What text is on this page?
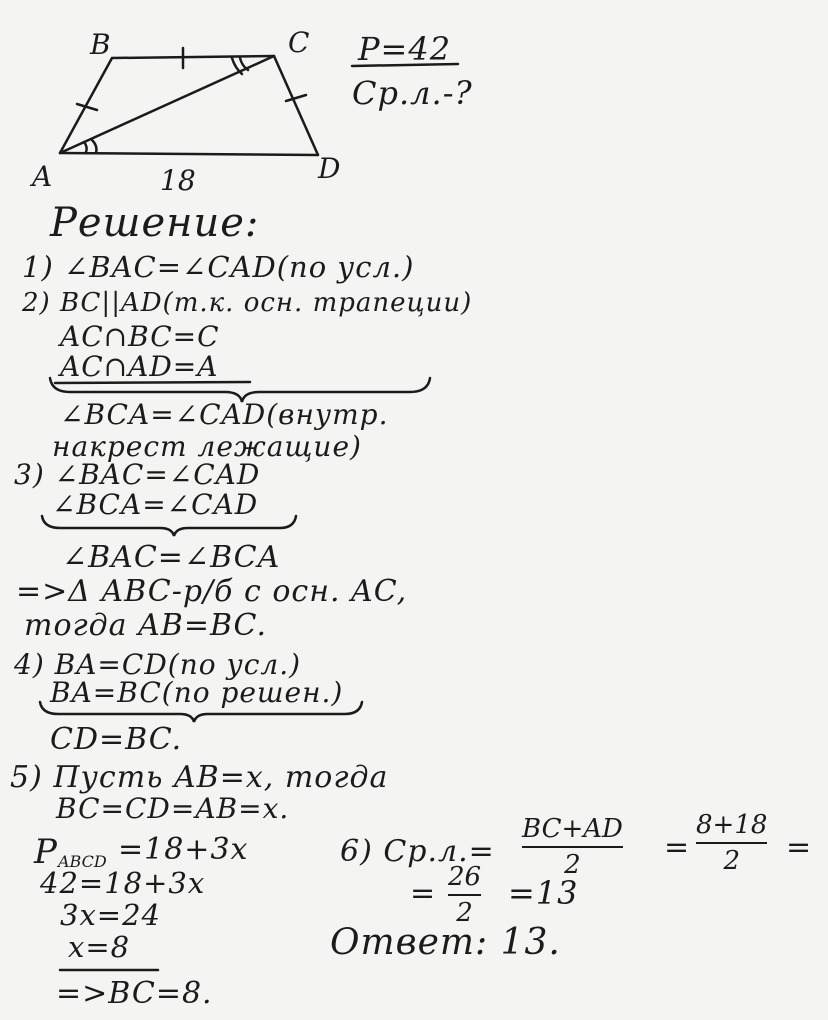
B	C
A	D
18
P=42
Ср.л.-?
Решение:
1) ∠BAC=∠CAD(по усл.)
2) BC||AD(т.к. осн. трапеции)
AC∩BC=C
AC∩AD=A
∠BCA=∠CAD(внутр.
накрест лежащие)
3) ∠BAC=∠CAD
∠BCA=∠CAD
∠BAC=∠BCA
=>Δ ABC-р/б с осн. AC,
тогда AB=BC.
4) BA=CD(по усл.)
BA=BC(по решен.)
CD=BC.
5) Пусть AB=x, тогда
BC=CD=AB=x.
P ABCD =18+3x
42=18+3x
3x=24
x=8
=>BC=8.
6) Ср.л.=
BC+AD
2	=
8+18
2	=
= 26
2
=13
Ответ: 13.
